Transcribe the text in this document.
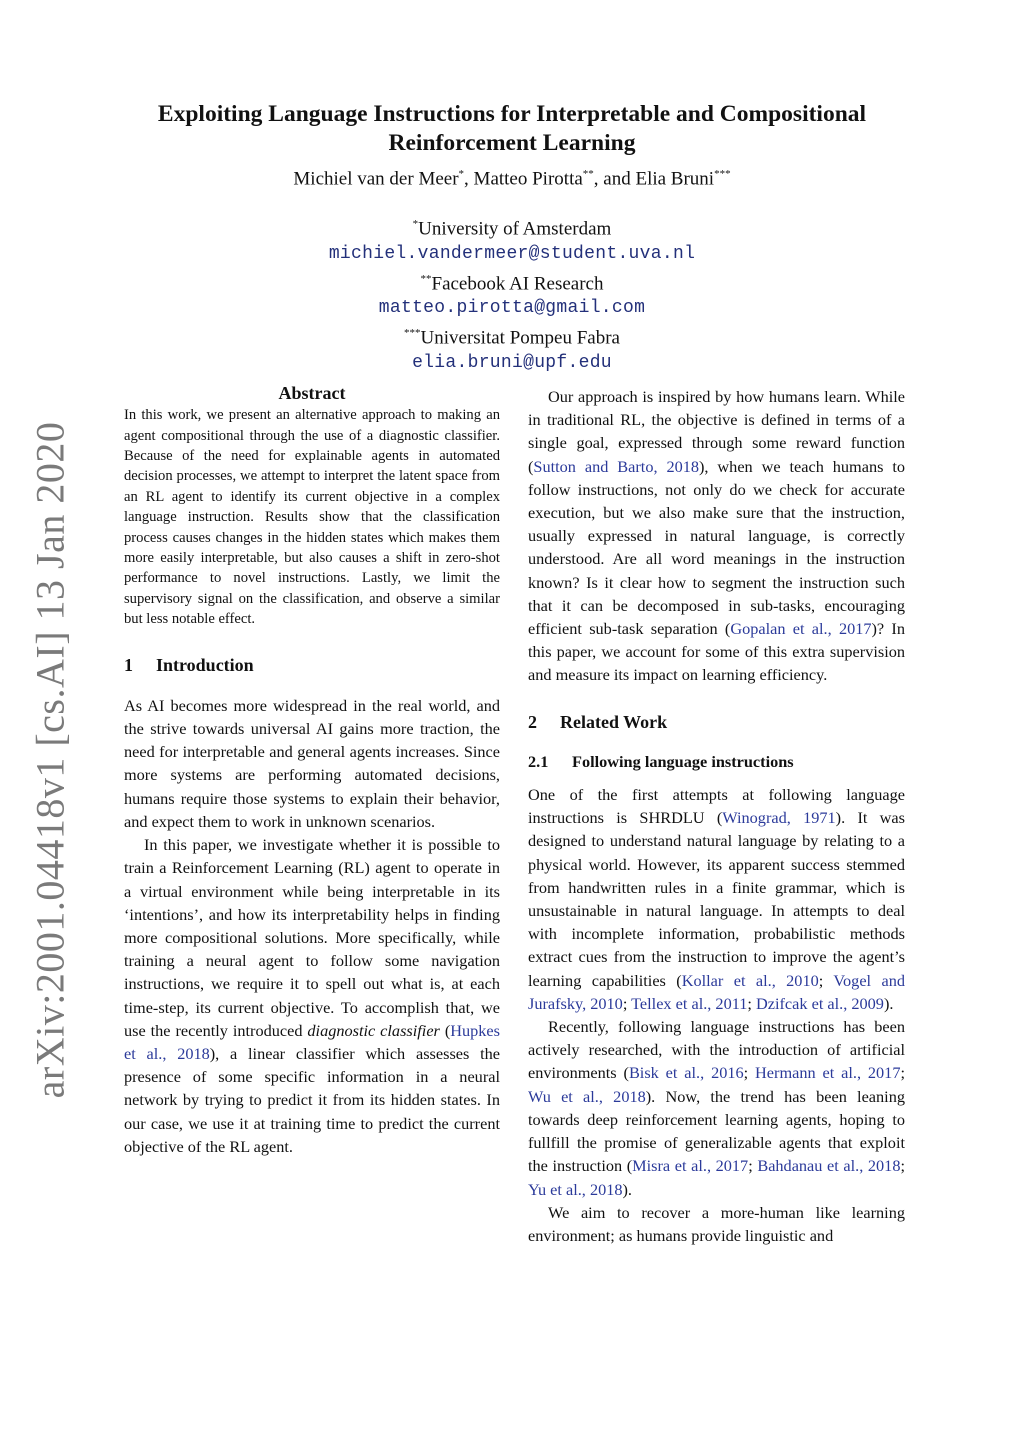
arXiv:2001.04418v1 [cs.AI] 13 Jan 2020
Exploiting Language Instructions for Interpretable and Compositional
Reinforcement Learning
Michiel van der Meer*, Matteo Pirotta**, and Elia Bruni***
*University of Amsterdam
michiel.vandermeer@student.uva.nl
**Facebook AI Research
matteo.pirotta@gmail.com
***Universitat Pompeu Fabra
elia.bruni@upf.edu

Abstract

In this work, we present an alternative approach to making an agent compositional through the use of a diagnostic classifier. Because of the need for explainable agents in automated decision processes, we attempt to interpret the latent space from an RL agent to identify its current objective in a complex language instruction. Results show that the classification process causes changes in the hidden states which makes them more easily interpretable, but also causes a shift in zero-shot performance to novel instructions. Lastly, we limit the supervisory signal on the classification, and observe a similar but less notable effect.

1 Introduction

As AI becomes more widespread in the real world, and the strive towards universal AI gains more traction, the need for interpretable and general agents increases. Since more systems are performing automated decisions, humans require those systems to explain their behavior, and expect them to work in unknown scenarios.

In this paper, we investigate whether it is possible to train a Reinforcement Learning (RL) agent to operate in a virtual environment while being interpretable in its ‘intentions’, and how its interpretability helps in finding more compositional solutions. More specifically, while training a neural agent to follow some navigation instructions, we require it to spell out what is, at each time-step, its current objective. To accomplish that, we use the recently introduced diagnostic classifier (Hupkes et al., 2018), a linear classifier which assesses the presence of some specific information in a neural network by trying to predict it from its hidden states. In our case, we use it at training time to predict the current objective of the RL agent.

Our approach is inspired by how humans learn. While in traditional RL, the objective is defined in terms of a single goal, expressed through some reward function (Sutton and Barto, 2018), when we teach humans to follow instructions, not only do we check for accurate execution, but we also make sure that the instruction, usually expressed in natural language, is correctly understood. Are all word meanings in the instruction known? Is it clear how to segment the instruction such that it can be decomposed in sub-tasks, encouraging efficient sub-task separation (Gopalan et al., 2017)? In this paper, we account for some of this extra supervision and measure its impact on learning efficiency.

2 Related Work

2.1 Following language instructions

One of the first attempts at following language instructions is SHRDLU (Winograd, 1971). It was designed to understand natural language by relating to a physical world. However, its apparent success stemmed from handwritten rules in a finite grammar, which is unsustainable in natural language. In attempts to deal with incomplete information, probabilistic methods extract cues from the instruction to improve the agent’s learning capabilities (Kollar et al., 2010; Vogel and Jurafsky, 2010; Tellex et al., 2011; Dzifcak et al., 2009).

Recently, following language instructions has been actively researched, with the introduction of artificial environments (Bisk et al., 2016; Hermann et al., 2017; Wu et al., 2018). Now, the trend has been leaning towards deep reinforcement learning agents, hoping to fullfill the promise of generalizable agents that exploit the instruction (Misra et al., 2017; Bahdanau et al., 2018; Yu et al., 2018).

We aim to recover a more-human like learning environment; as humans provide linguistic and
